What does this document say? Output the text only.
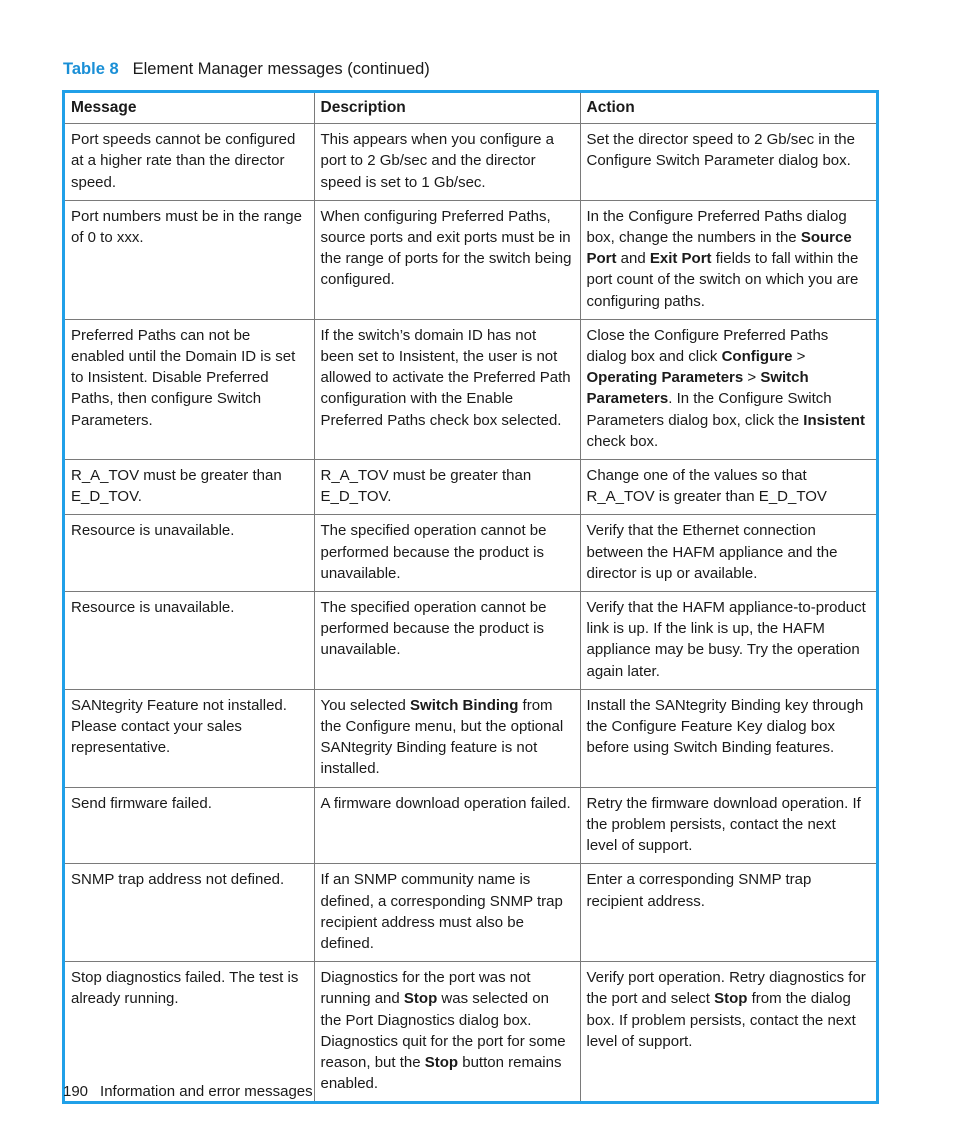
Table 8 Element Manager messages (continued)
Message	Description	Action
Port speeds cannot be configured at a higher rate than the director speed.	This appears when you configure a port to 2 Gb/sec and the director speed is set to 1 Gb/sec.	Set the director speed to 2 Gb/sec in the Configure Switch Parameter dialog box.
Port numbers must be in the range of 0 to xxx.	When configuring Preferred Paths, source ports and exit ports must be in the range of ports for the switch being configured.	In the Configure Preferred Paths dialog box, change the numbers in the Source Port and Exit Port fields to fall within the port count of the switch on which you are configuring paths.
Preferred Paths can not be enabled until the Domain ID is set to Insistent. Disable Preferred Paths, then configure Switch Parameters.	If the switch’s domain ID has not been set to Insistent, the user is not allowed to activate the Preferred Path configuration with the Enable Preferred Paths check box selected.	Close the Configure Preferred Paths dialog box and click Configure > Operating Parameters > Switch Parameters. In the Configure Switch Parameters dialog box, click the Insistent check box.
R_A_TOV must be greater than E_D_TOV.	R_A_TOV must be greater than E_D_TOV.	Change one of the values so that R_A_TOV is greater than E_D_TOV
Resource is unavailable.	The specified operation cannot be performed because the product is unavailable.	Verify that the Ethernet connection between the HAFM appliance and the director is up or available.
Resource is unavailable.	The specified operation cannot be performed because the product is unavailable.	Verify that the HAFM appliance-to-product link is up. If the link is up, the HAFM appliance may be busy. Try the operation again later.
SANtegrity Feature not installed. Please contact your sales representative.	You selected Switch Binding from the Configure menu, but the optional SANtegrity Binding feature is not installed.	Install the SANtegrity Binding key through the Configure Feature Key dialog box before using Switch Binding features.
Send firmware failed.	A firmware download operation failed.	Retry the firmware download operation. If the problem persists, contact the next level of support.
SNMP trap address not defined.	If an SNMP community name is defined, a corresponding SNMP trap recipient address must also be defined.	Enter a corresponding SNMP trap recipient address.
Stop diagnostics failed. The test is already running.	Diagnostics for the port was not running and Stop was selected on the Port Diagnostics dialog box. Diagnostics quit for the port for some reason, but the Stop button remains enabled.	Verify port operation. Retry diagnostics for the port and select Stop from the dialog box. If problem persists, contact the next level of support.
190 Information and error messages
